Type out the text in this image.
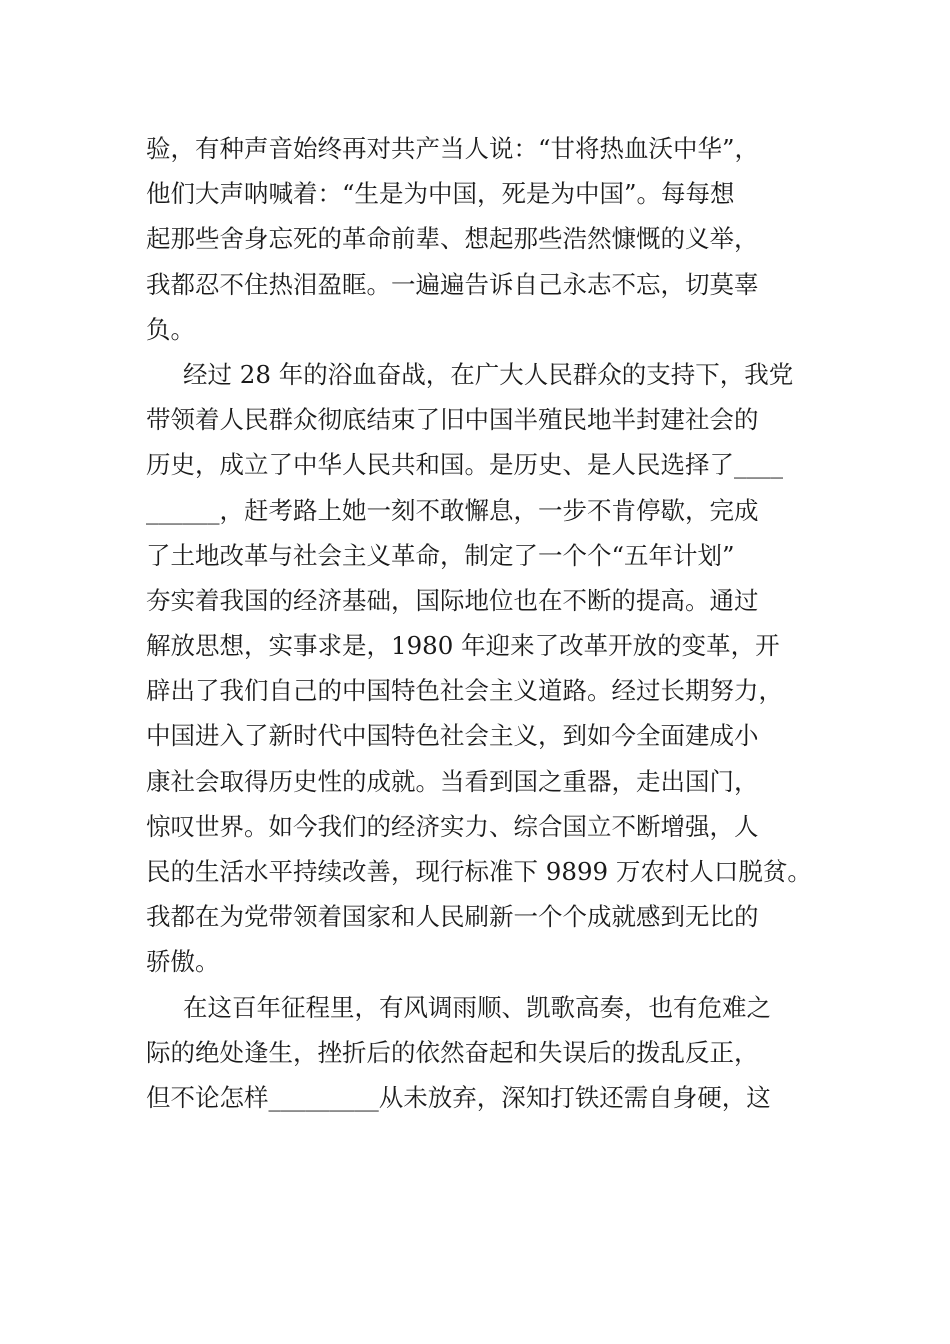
验，有种声音始终再对共产当人说：“甘将热血沃中华”，
他们大声呐喊着：“生是为中国，死是为中国”。每每想
起那些舍身忘死的革命前辈、想起那些浩然慷慨的义举，
我都忍不住热泪盈眶。一遍遍告诉自己永志不忘，切莫辜
负。
经过 28 年的浴血奋战，在广大人民群众的支持下，我党
带领着人民群众彻底结束了旧中国半殖民地半封建社会的
历史，成立了中华人民共和国。是历史、是人民选择了____
______，赶考路上她一刻不敢懈息，一步不肯停歇，完成
了土地改革与社会主义革命，制定了一个个“五年计划”
夯实着我国的经济基础，国际地位也在不断的提高。通过
解放思想，实事求是，1980 年迎来了改革开放的变革，开
辟出了我们自己的中国特色社会主义道路。经过长期努力，
中国进入了新时代中国特色社会主义，到如今全面建成小
康社会取得历史性的成就。当看到国之重器，走出国门，
惊叹世界。如今我们的经济实力、综合国立不断增强，人
民的生活水平持续改善，现行标准下 9899 万农村人口脱贫。
我都在为党带领着国家和人民刷新一个个成就感到无比的
骄傲。
在这百年征程里，有风调雨顺、凯歌高奏，也有危难之
际的绝处逢生，挫折后的依然奋起和失误后的拨乱反正，
但不论怎样_________从未放弃，深知打铁还需自身硬，这
